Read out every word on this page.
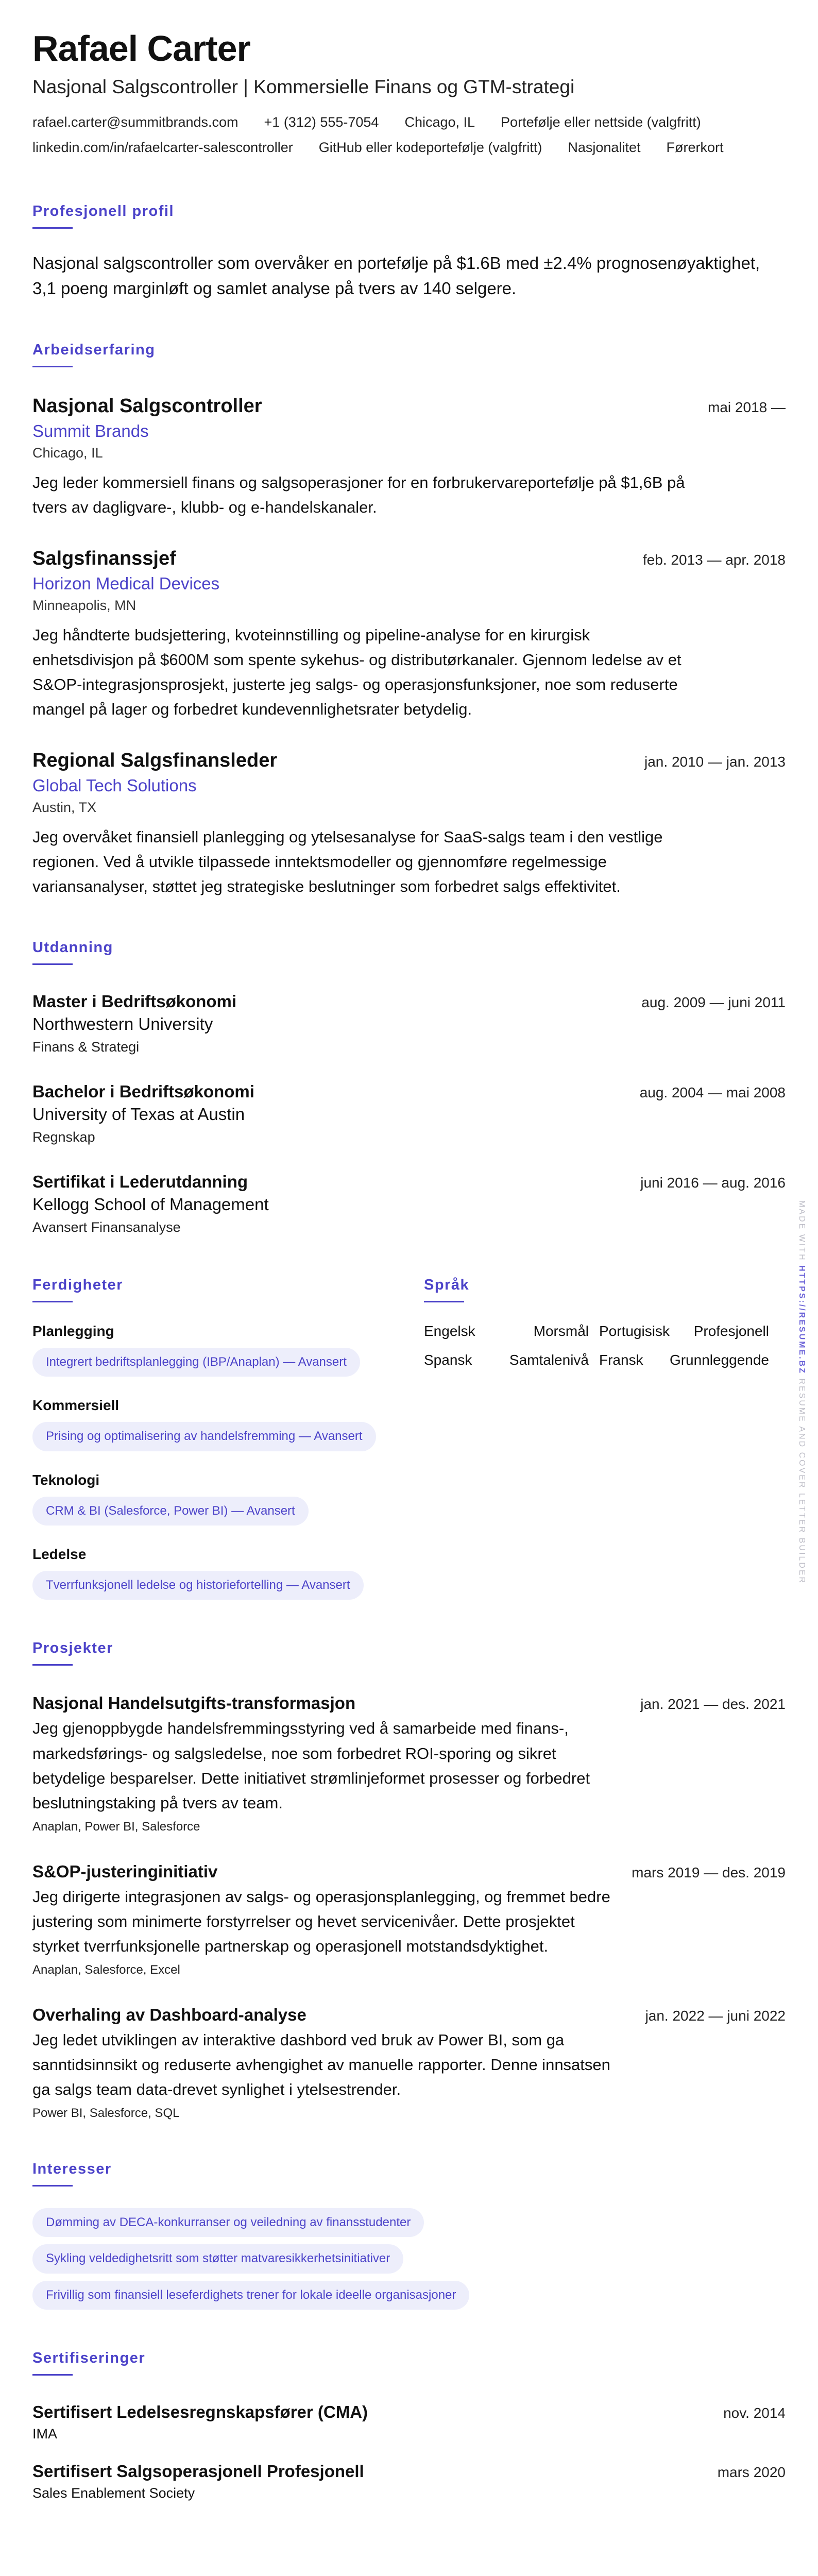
Rafael Carter
Nasjonal Salgscontroller | Kommersielle Finans og GTM-strategi
rafael.carter@summitbrands.com +1 (312) 555-7054 Chicago, IL Portefølje eller nettside (valgfritt)
linkedin.com/in/rafaelcarter-salescontroller GitHub eller kodeportefølje (valgfritt) Nasjonalitet Førerkort
Profesjonell profil
Nasjonal salgscontroller som overvåker en portefølje på $1.6B med ±2.4% prognosenøyaktighet, 3,1 poeng marginløft og samlet analyse på tvers av 140 selgere.
Arbeidserfaring
Nasjonal Salgscontroller	mai 2018 —
Summit Brands
Chicago, IL
Jeg leder kommersiell finans og salgsoperasjoner for en forbrukervareportefølje på $1,6B på tvers av dagligvare-, klubb- og e-handelskanaler.
Salgsfinanssjef	feb. 2013 — apr. 2018
Horizon Medical Devices
Minneapolis, MN
Jeg håndterte budsjettering, kvoteinnstilling og pipeline-analyse for en kirurgisk enhetsdivisjon på $600M som spente sykehus- og distributørkanaler. Gjennom ledelse av et S&OP-integrasjonsprosjekt, justerte jeg salgs- og operasjonsfunksjoner, noe som reduserte mangel på lager og forbedret kundevennlighetsrater betydelig.
Regional Salgsfinansleder	jan. 2010 — jan. 2013
Global Tech Solutions
Austin, TX
Jeg overvåket finansiell planlegging og ytelsesanalyse for SaaS-salgs team i den vestlige regionen. Ved å utvikle tilpassede inntektsmodeller og gjennomføre regelmessige variansanalyser, støttet jeg strategiske beslutninger som forbedret salgs effektivitet.
Utdanning
Master i Bedriftsøkonomi	aug. 2009 — juni 2011
Northwestern University
Finans & Strategi
Bachelor i Bedriftsøkonomi	aug. 2004 — mai 2008
University of Texas at Austin
Regnskap
Sertifikat i Lederutdanning	juni 2016 — aug. 2016
Kellogg School of Management
Avansert Finansanalyse
Ferdigheter
Planlegging
Integrert bedriftsplanlegging (IBP/Anaplan) — Avansert
Kommersiell
Prising og optimalisering av handelsfremming — Avansert
Teknologi
CRM & BI (Salesforce, Power BI) — Avansert
Ledelse
Tverrfunksjonell ledelse og historiefortelling — Avansert
Språk
Engelsk	Morsmål Portugisisk Profesjonell
Spansk	Samtalenivå Fransk Grunnleggende
Prosjekter
Nasjonal Handelsutgifts-transformasjon	jan. 2021 — des. 2021
Jeg gjenoppbygde handelsfremmingsstyring ved å samarbeide med finans-, markedsførings- og salgsledelse, noe som forbedret ROI-sporing og sikret betydelige besparelser. Dette initiativet strømlinjeformet prosesser og forbedret beslutningstaking på tvers av team.
Anaplan, Power BI, Salesforce
S&OP-justeringinitiativ	mars 2019 — des. 2019
Jeg dirigerte integrasjonen av salgs- og operasjonsplanlegging, og fremmet bedre justering som minimerte forstyrrelser og hevet servicenivåer. Dette prosjektet styrket tverrfunksjonelle partnerskap og operasjonell motstandsdyktighet.
Anaplan, Salesforce, Excel
Overhaling av Dashboard-analyse	jan. 2022 — juni 2022
Jeg ledet utviklingen av interaktive dashbord ved bruk av Power BI, som ga sanntidsinnsikt og reduserte avhengighet av manuelle rapporter. Denne innsatsen ga salgs team data-drevet synlighet i ytelsestrender.
Power BI, Salesforce, SQL
Interesser
Dømming av DECA-konkurranser og veiledning av finansstudenter
Sykling veldedighetsritt som støtter matvaresikkerhetsinitiativer
Frivillig som finansiell leseferdighets trener for lokale ideelle organisasjoner
Sertifiseringer
Sertifisert Ledelsesregnskapsfører (CMA)	nov. 2014
IMA
Sertifisert Salgsoperasjonell Profesjonell	mars 2020
Sales Enablement Society
MADE WITH HTTPS://RESUME.BZ RESUME AND COVER LETTER BUILDER
